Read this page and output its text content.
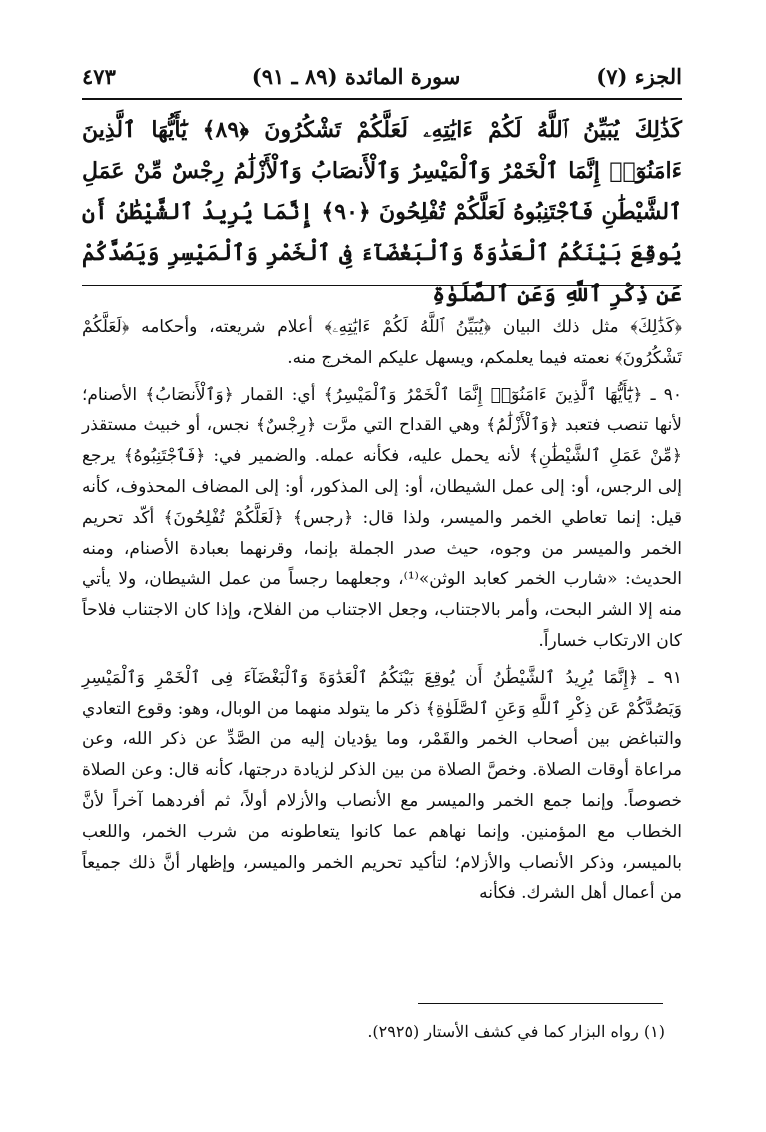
الجزء (٧)
سورة المائدة (٨٩ ـ ٩١)
٤٧٣
كَذَٰلِكَ يُبَيِّنُ ٱللَّهُ لَكُمْ ءَايَٰتِهِۦ لَعَلَّكُمْ تَشْكُرُونَ ﴿٨٩﴾ يَٰٓأَيُّهَا ٱلَّذِينَ ءَامَنُوٓا۟ إِنَّمَا ٱلْخَمْرُ وَٱلْمَيْسِرُ وَٱلْأَنصَابُ وَٱلْأَزْلَٰمُ رِجْسٌ مِّنْ عَمَلِ ٱلشَّيْطَٰنِ فَٱجْتَنِبُوهُ لَعَلَّكُمْ تُفْلِحُونَ ﴿٩٠﴾ إِنَّمَا يُرِيدُ ٱلشَّيْطَٰنُ أَن يُوقِعَ بَيْنَكُمُ ٱلْعَدَٰوَةَ وَٱلْبَغْضَآءَ فِى ٱلْخَمْرِ وَٱلْمَيْسِرِ وَيَصُدَّكُمْ عَن ذِكْرِ ٱللَّهِ وَعَنِ ٱلصَّلَوٰةِ

﴿كَذَٰلِكَ﴾ مثل ذلك البيان ﴿يُبَيِّنُ ٱللَّهُ لَكُمْ ءَايَٰتِهِۦ﴾ أعلام شريعته، وأحكامه ﴿لَعَلَّكُمْ تَشْكُرُونَ﴾ نعمته فيما يعلمكم، ويسهل عليكم المخرج منه.

٩٠ ـ ﴿يَٰٓأَيُّهَا ٱلَّذِينَ ءَامَنُوٓا۟ إِنَّمَا ٱلْخَمْرُ وَٱلْمَيْسِرُ﴾ أي: القمار ﴿وَٱلْأَنصَابُ﴾ الأصنام؛ لأنها تنصب فتعبد ﴿وَٱلْأَزْلَٰمُ﴾ وهي القداح التي مرَّت ﴿رِجْسٌ﴾ نجس، أو خبيث مستقذر ﴿مِّنْ عَمَلِ ٱلشَّيْطَٰنِ﴾ لأنه يحمل عليه، فكأنه عمله. والضمير في: ﴿فَٱجْتَنِبُوهُ﴾ يرجع إلى الرجس، أو: إلى عمل الشيطان، أو: إلى المذكور، أو: إلى المضاف المحذوف، كأنه قيل: إنما تعاطي الخمر والميسر، ولذا قال: ﴿رجس﴾ ﴿لَعَلَّكُمْ تُفْلِحُونَ﴾ أكّد تحريم الخمر والميسر من وجوه، حيث صدر الجملة بإنما، وقرنهما بعبادة الأصنام، ومنه الحديث: «شارب الخمر كعابد الوثن»⁽¹⁾، وجعلهما رجساً من عمل الشيطان، ولا يأتي منه إلا الشر البحت، وأمر بالاجتناب، وجعل الاجتناب من الفلاح، وإذا كان الاجتناب فلاحاً كان الارتكاب خساراً.

٩١ ـ ﴿إِنَّمَا يُرِيدُ ٱلشَّيْطَٰنُ أَن يُوقِعَ بَيْنَكُمُ ٱلْعَدَٰوَةَ وَٱلْبَغْضَآءَ فِى ٱلْخَمْرِ وَٱلْمَيْسِرِ وَيَصُدَّكُمْ عَن ذِكْرِ ٱللَّهِ وَعَنِ ٱلصَّلَوٰةِ﴾ ذكر ما يتولد منهما من الوبال، وهو: وقوع التعادي والتباغض بين أصحاب الخمر والقَمْر، وما يؤديان إليه من الصَّدِّ عن ذكر الله، وعن مراعاة أوقات الصلاة. وخصَّ الصلاة من بين الذكر لزيادة درجتها، كأنه قال: وعن الصلاة خصوصاً. وإنما جمع الخمر والميسر مع الأنصاب والأزلام أولاً، ثم أفردهما آخراً لأنَّ الخطاب مع المؤمنين. وإنما نهاهم عما كانوا يتعاطونه من شرب الخمر، واللعب بالميسر، وذكر الأنصاب والأزلام؛ لتأكيد تحريم الخمر والميسر، وإظهار أنَّ ذلك جميعاً من أعمال أهل الشرك. فكأنه

(١) رواه البزار كما في كشف الأستار (٢٩٢٥).
